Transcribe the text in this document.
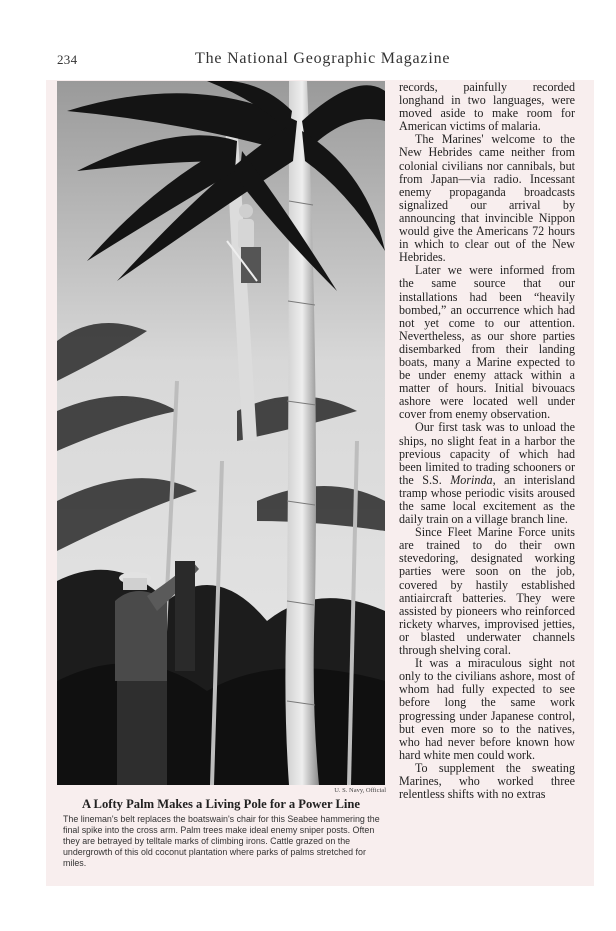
234	The National Geographic Magazine
U. S. Navy, Official
A Lofty Palm Makes a Living Pole for a Power Line
The lineman's belt replaces the boatswain's chair for this Seabee hammering the final spike into the cross arm. Palm trees make ideal enemy sniper posts. Often they are betrayed by telltale marks of climbing irons. Cattle grazed on the undergrowth of this old coconut plantation where parks of palms stretched for miles.

records, painfully recorded longhand in two languages, were moved aside to make room for American victims of malaria.

The Marines' welcome to the New Hebrides came neither from colonial civilians nor cannibals, but from Japan—via radio. Incessant enemy propaganda broadcasts signalized our arrival by announcing that invincible Nippon would give the Americans 72 hours in which to clear out of the New Hebrides.

Later we were informed from the same source that our installations had been “heavily bombed,” an occurrence which had not yet come to our attention. Nevertheless, as our shore parties disembarked from their landing boats, many a Marine expected to be under enemy attack within a matter of hours. Initial bivouacs ashore were located well under cover from enemy observation.

Our first task was to unload the ships, no slight feat in a harbor the previous capacity of which had been limited to trading schooners or the S.S. Morinda, an interisland tramp whose periodic visits aroused the same local excitement as the daily train on a village branch line.

Since Fleet Marine Force units are trained to do their own stevedoring, designated working parties were soon on the job, covered by hastily established antiaircraft batteries. They were assisted by pioneers who reinforced rickety wharves, improvised jetties, or blasted underwater channels through shelving coral.

It was a miraculous sight not only to the civilians ashore, most of whom had fully expected to see before long the same work progressing under Japanese control, but even more so to the natives, who had never before known how hard white men could work.

To supplement the sweating Marines, who worked three relentless shifts with no extras
